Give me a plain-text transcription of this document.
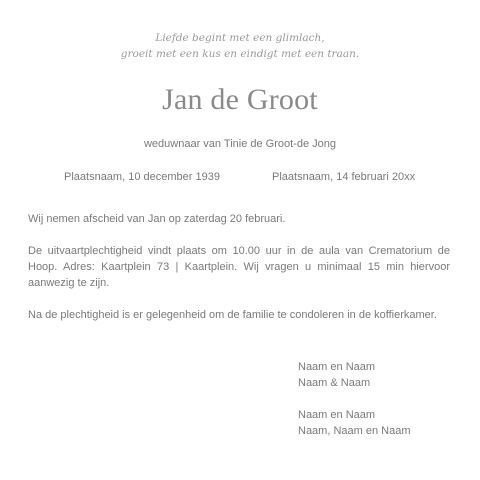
Liefde begint met een glimlach,
groeit met een kus en eindigt met een traan.
Jan de Groot
weduwnaar van Tinie de Groot-de Jong
Plaatsnaam, 10 december 1939	Plaatsnaam, 14 februari 20xx
Wij nemen afscheid van Jan op zaterdag 20 februari.
De uitvaartplechtigheid vindt plaats om 10.00 uur in de aula van Crematorium de Hoop. Adres: Kaartplein 73 | Kaartplein. Wij vragen u minimaal 15 min hiervoor aanwezig te zijn.
Na de plechtigheid is er gelegenheid om de familie te condoleren in de koffierkamer.
Naam en Naam
Naam & Naam
Naam en Naam
Naam, Naam en Naam
